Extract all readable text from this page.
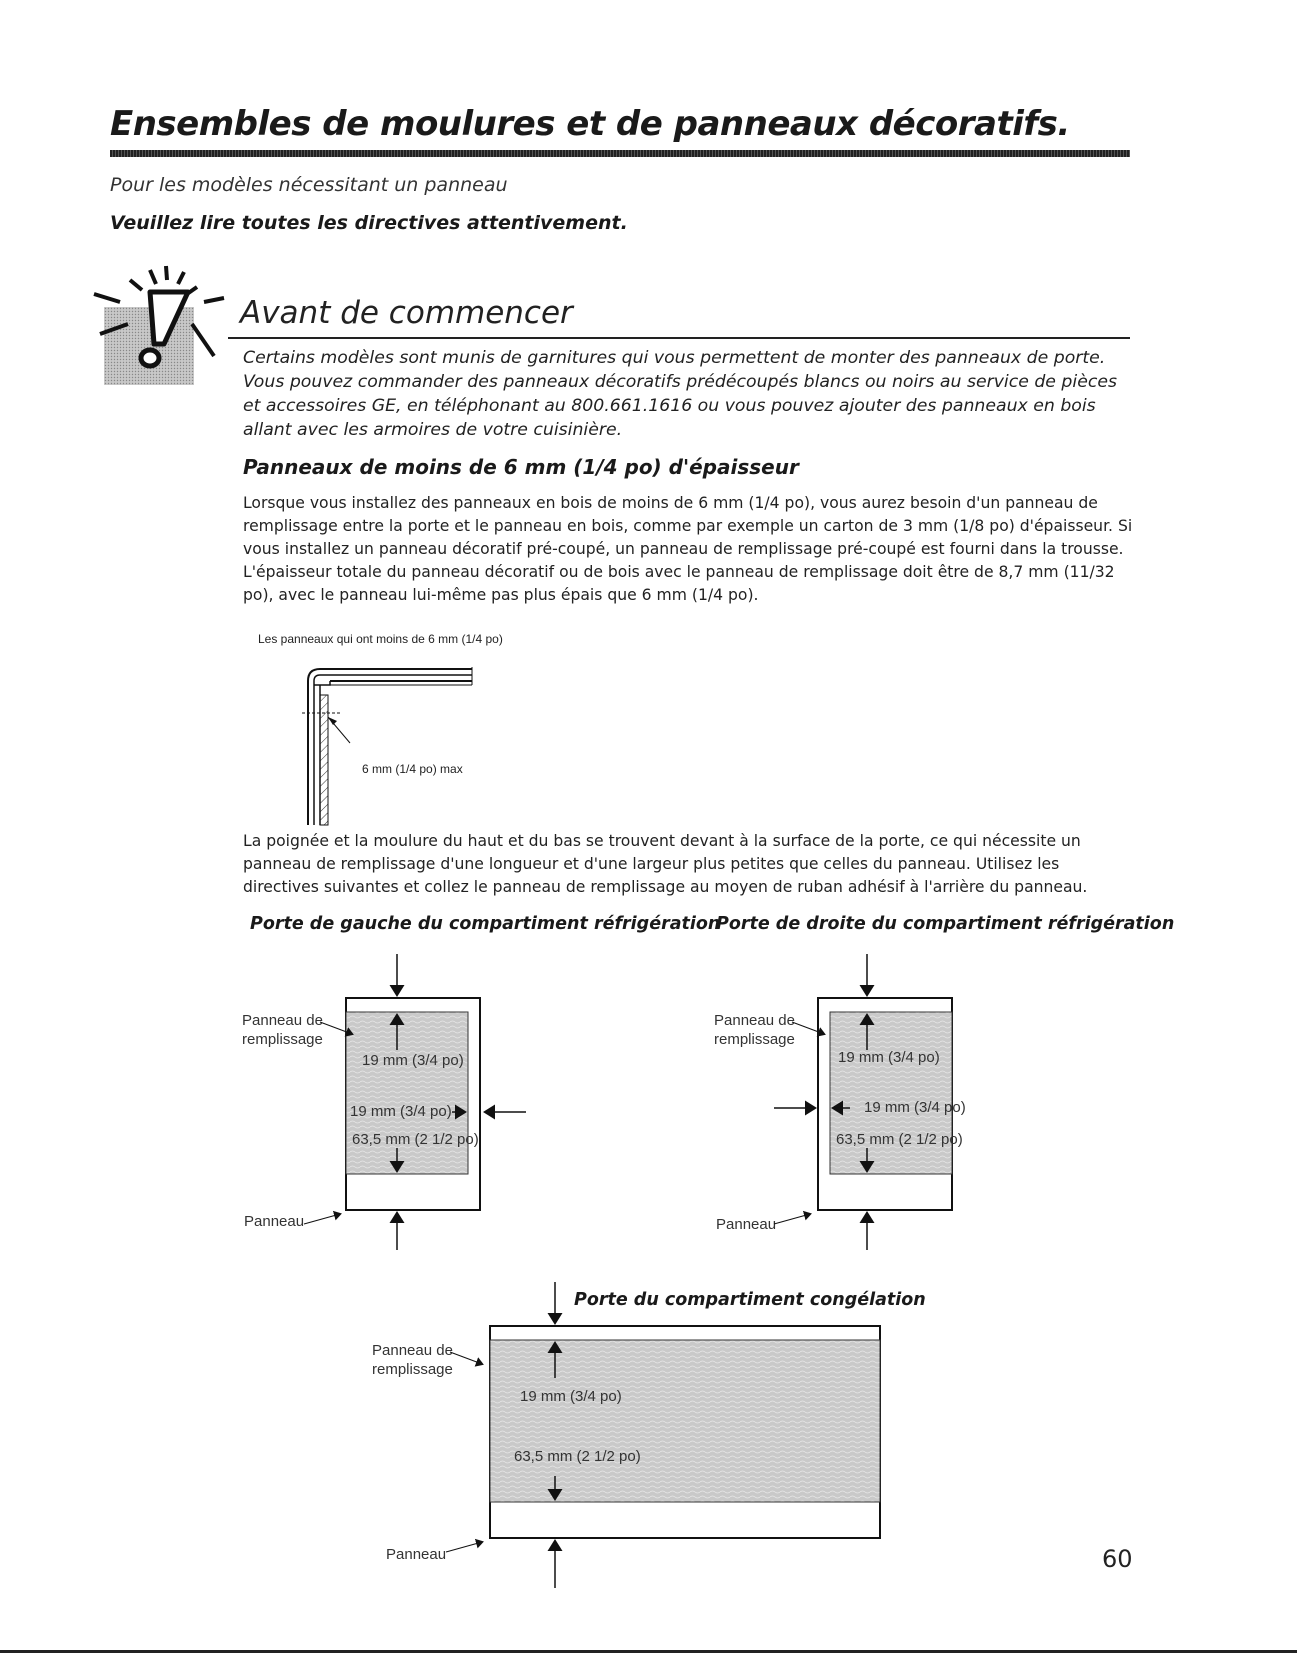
Ensembles de moulures et de panneaux décoratifs.
Pour les modèles nécessitant un panneau
Veuillez lire toutes les directives attentivement.
Avant de commencer
Certains modèles sont munis de garnitures qui vous permettent de monter des panneaux de porte. Vous pouvez commander des panneaux décoratifs prédécoupés blancs ou noirs au service de pièces et accessoires GE, en téléphonant au 800.661.1616 ou vous pouvez ajouter des panneaux en bois allant avec les armoires de votre cuisinière.
Panneaux de moins de 6 mm (1/4 po) d'épaisseur
Lorsque vous installez des panneaux en bois de moins de 6 mm (1/4 po), vous aurez besoin d'un panneau de remplissage entre la porte et le panneau en bois, comme par exemple un carton de 3 mm (1/8 po) d'épaisseur. Si vous installez un panneau décoratif pré-coupé, un panneau de remplissage pré-coupé est fourni dans la trousse. L'épaisseur totale du panneau décoratif ou de bois avec le panneau de remplissage doit être de 8,7 mm (11/32 po), avec le panneau lui-même pas plus épais que 6 mm (1/4 po).
Les panneaux qui ont moins de 6 mm (1/4 po)
6 mm (1/4 po) max
La poignée et la moulure du haut et du bas se trouvent devant à la surface de la porte, ce qui nécessite un panneau de remplissage d'une longueur et d'une largeur plus petites que celles du panneau. Utilisez les directives suivantes et collez le panneau de remplissage au moyen de ruban adhésif à l'arrière du panneau.
Porte de gauche du compartiment réfrigération
Porte de droite du compartiment réfrigération
Panneau de
remplissage
19 mm (3/4 po)
19 mm (3/4 po)
63,5 mm (2 1/2 po)
Panneau
Panneau de
remplissage
19 mm (3/4 po)
19 mm (3/4 po)
63,5 mm (2 1/2 po)
Panneau
Porte du compartiment congélation
Panneau de
remplissage
19 mm (3/4 po)
63,5 mm (2 1/2 po)
Panneau	60
